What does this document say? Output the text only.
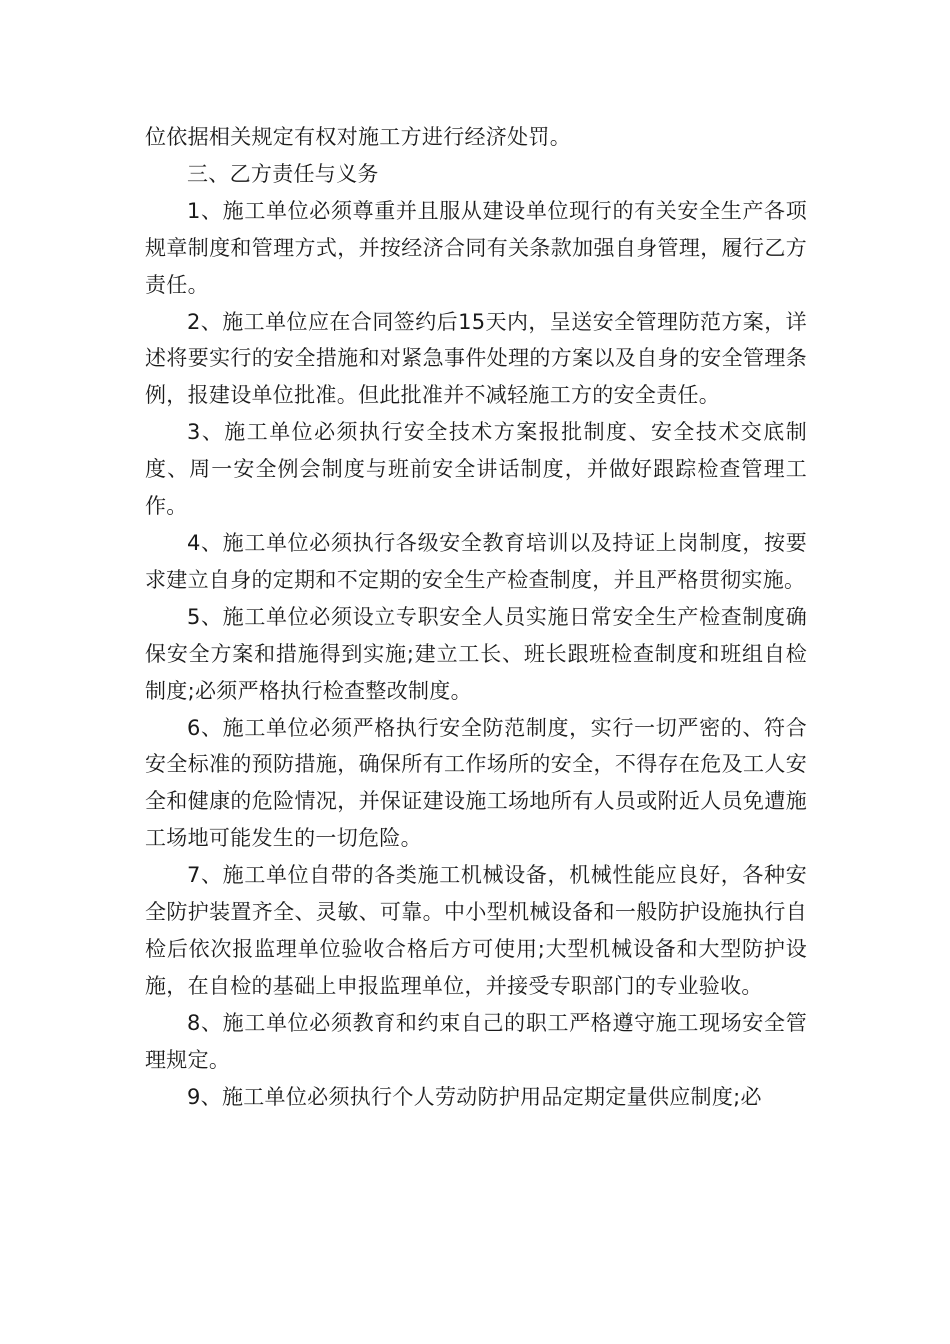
位依据相关规定有权对施工方进行经济处罚。

三、乙方责任与义务

1、施工单位必须尊重并且服从建设单位现行的有关安全生产各项规章制度和管理方式，并按经济合同有关条款加强自身管理，履行乙方责任。

2、施工单位应在合同签约后15天内，呈送安全管理防范方案，详述将要实行的安全措施和对紧急事件处理的方案以及自身的安全管理条例，报建设单位批准。但此批准并不减轻施工方的安全责任。

3、施工单位必须执行安全技术方案报批制度、安全技术交底制度、周一安全例会制度与班前安全讲话制度，并做好跟踪检查管理工作。

4、施工单位必须执行各级安全教育培训以及持证上岗制度，按要求建立自身的定期和不定期的安全生产检查制度，并且严格贯彻实施。

5、施工单位必须设立专职安全人员实施日常安全生产检查制度确保安全方案和措施得到实施;建立工长、班长跟班检查制度和班组自检制度;必须严格执行检查整改制度。

6、施工单位必须严格执行安全防范制度，实行一切严密的、符合安全标准的预防措施，确保所有工作场所的安全，不得存在危及工人安全和健康的危险情况，并保证建设施工场地所有人员或附近人员免遭施工场地可能发生的一切危险。

7、施工单位自带的各类施工机械设备，机械性能应良好，各种安全防护装置齐全、灵敏、可靠。中小型机械设备和一般防护设施执行自检后依次报监理单位验收合格后方可使用;大型机械设备和大型防护设施，在自检的基础上申报监理单位，并接受专职部门的专业验收。

8、施工单位必须教育和约束自己的职工严格遵守施工现场安全管理规定。

9、施工单位必须执行个人劳动防护用品定期定量供应制度;必
